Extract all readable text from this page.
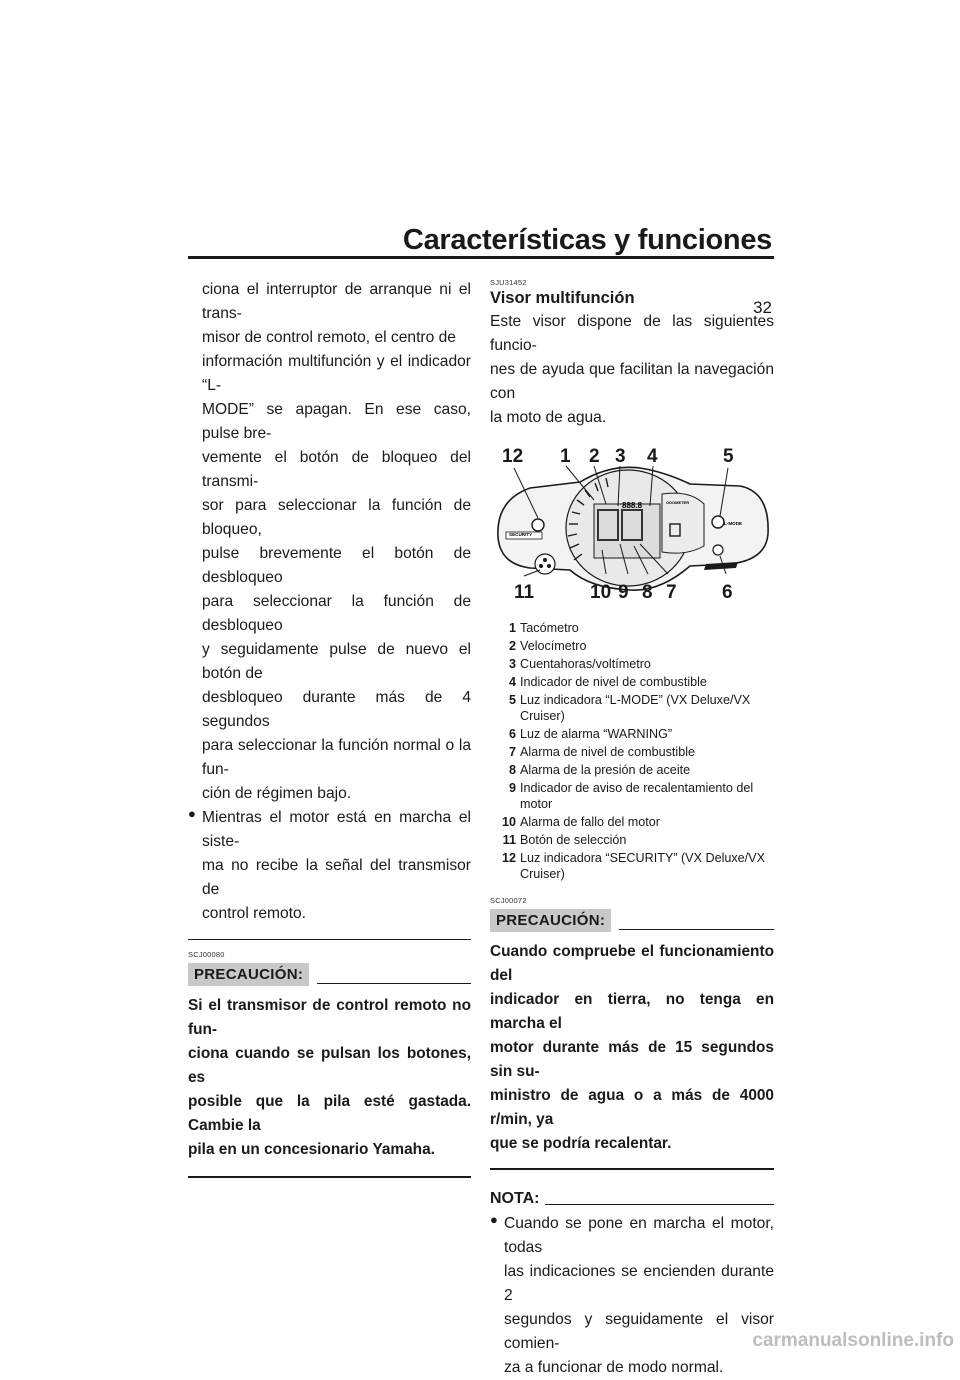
Características y funciones
32

ciona el interruptor de arranque ni el trans-

misor de control remoto, el centro de

información multifunción y el indicador “L-

MODE” se apagan. En ese caso, pulse bre-

vemente el botón de bloqueo del transmi-

sor para seleccionar la función de bloqueo,

pulse brevemente el botón de desbloqueo

para seleccionar la función de desbloqueo

y seguidamente pulse de nuevo el botón de

desbloqueo durante más de 4 segundos

para seleccionar la función normal o la fun-

ción de régimen bajo.

● Mientras el motor está en marcha el siste-

ma no recibe la señal del transmisor de

control remoto.

SCJ00080
PRECAUCIÓN:

Si el transmisor de control remoto no fun-

ciona cuando se pulsan los botones, es

posible que la pila esté gastada. Cambie la

pila en un concesionario Yamaha.

SJU31452
Visor multifunción

Este visor dispone de las siguientes funcio-

nes de ayuda que facilitan la navegación con

la moto de agua.

SECURITY
L-MODE
ODOMETER
888.8
12 1 2 3 4	5
11	10 9 8 7 6
1 Tacómetro
2 Velocímetro
3 Cuentahoras/voltímetro
4 Indicador de nivel de combustible
5 Luz indicadora “L-MODE” (VX Deluxe/VX Cruiser)
6 Luz de alarma “WARNING”
7 Alarma de nivel de combustible
8 Alarma de la presión de aceite
9 Indicador de aviso de recalentamiento del motor
10 Alarma de fallo del motor
11 Botón de selección
12 Luz indicadora “SECURITY” (VX Deluxe/VX Cruiser)
SCJ00072
PRECAUCIÓN:

Cuando compruebe el funcionamiento del

indicador en tierra, no tenga en marcha el

motor durante más de 15 segundos sin su-

ministro de agua o a más de 4000 r/min, ya

que se podría recalentar.

NOTA:
● Cuando se pone en marcha el motor, todas

las indicaciones se encienden durante 2

segundos y seguidamente el visor comien-

za a funcionar de modo normal.

carmanualsonline.info
